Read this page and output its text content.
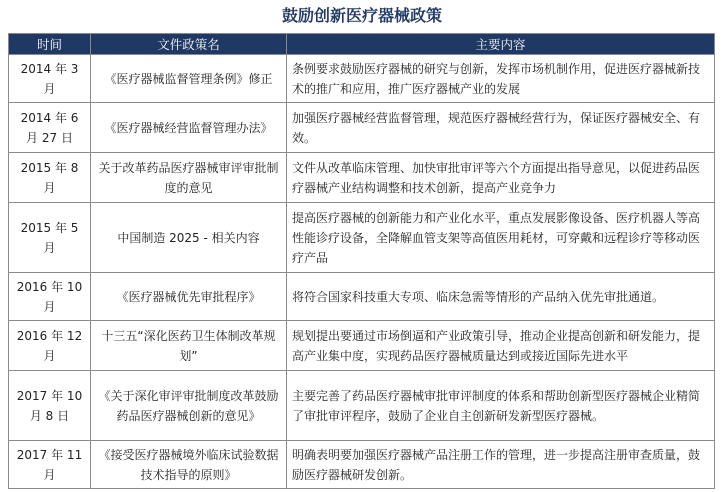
鼓励创新医疗器械政策
时间	文件政策名	主要内容
2014 年 3 月	《医疗器械监督管理条例》修正	条例要求鼓励医疗器械的研究与创新，发挥市场机制作用，促进医疗器械新技术的推广和应用，推广医疗器械产业的发展
2014 年 6 月 27 日	《医疗器械经营监督管理办法》	加强医疗器械经营监督管理，规范医疗器械经营行为，保证医疗器械安全、有效。
2015 年 8 月	关于改革药品医疗器械审评审批制度的意见	文件从改革临床管理、加快审批审评等六个方面提出指导意见，以促进药品医疗器械产业结构调整和技术创新，提高产业竞争力
2015 年 5 月	中国制造 2025 - 相关内容	提高医疗器械的创新能力和产业化水平，重点发展影像设备、医疗机器人等高性能诊疗设备，全降解血管支架等高值医用耗材，可穿戴和远程诊疗等移动医疗产品
2016 年 10 月	《医疗器械优先审批程序》	将符合国家科技重大专项、临床急需等情形的产品纳入优先审批通道。
2016 年 12 月	十三五“深化医药卫生体制改革规划”	规划提出要通过市场倒逼和产业政策引导，推动企业提高创新和研发能力，提高产业集中度，实现药品医疗器械质量达到或接近国际先进水平
2017 年 10 月 8 日	《关于深化审评审批制度改革鼓励药品医疗器械创新的意见》	主要完善了药品医疗器械审批审评制度的体系和帮助创新型医疗器械企业精简了审批审评程序，鼓励了企业自主创新研发新型医疗器械。
2017 年 11 月	《接受医疗器械境外临床试验数据技术指导的原则》	明确表明要加强医疗器械产品注册工作的管理，进一步提高注册审查质量，鼓励医疗器械研发创新。
